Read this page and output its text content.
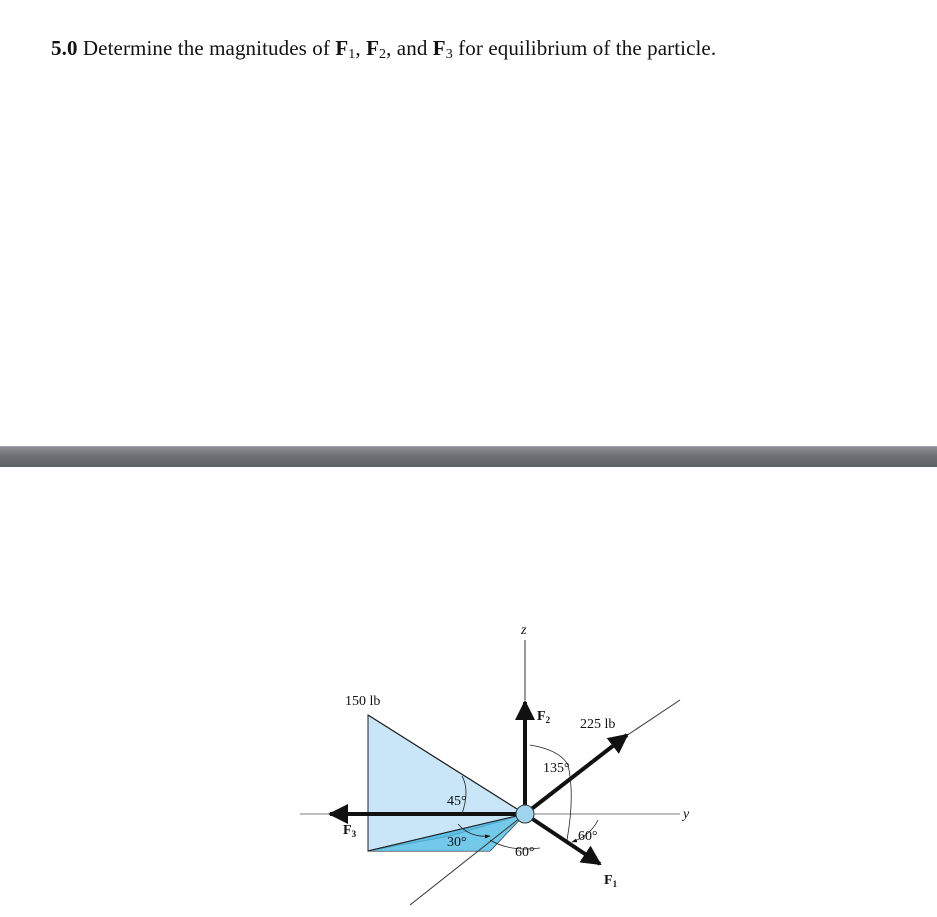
5.0 Determine the magnitudes of $F_1$, $F_2$, and $F_3$ for equilibrium of the particle.
150 lb
225 lb
z
y
$F_2$
$F_3$
$F_1$
45°
30°
60°
60°
135°
